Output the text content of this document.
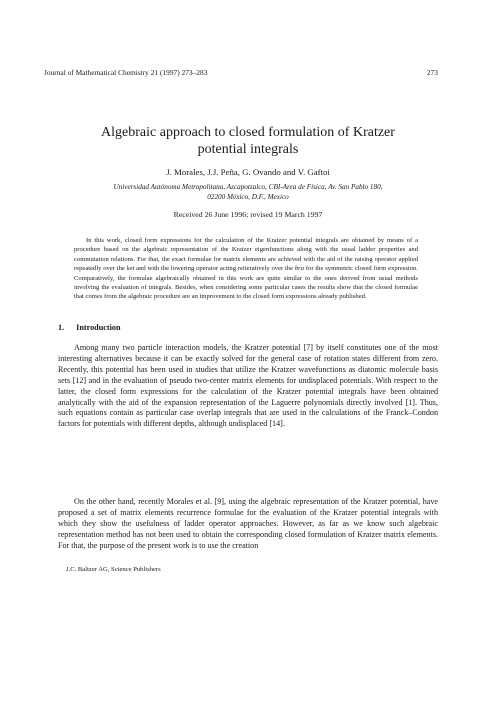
Journal of Mathematical Chemistry 21 (1997) 273–283	273
Algebraic approach to closed formulation of Kratzer
potential integrals
J. Morales, J.J. Peña, G. Ovando and V. Gaftoi
Universidad Autónoma Metropolitana, Azcapotzalco, CBI-Area de Física, Av. San Pablo 180,
02200 México, D.F., Mexico
Received 26 June 1996; revised 19 March 1997

In this work, closed form expressions for the calculation of the Kratzer potential integrals are obtained by means of a procedure based on the algebraic representation of the Kratzer eigenfunctions along with the usual ladder properties and commutation relations. For that, the exact formulae for matrix elements are achieved with the aid of the raising operator applied repeatedly over the ket and with the lowering operator acting reiteratively over the bra for the symmetric closed form expression. Comparatively, the formulae algebraically obtained in this work are quite similar to the ones derived from usual methods involving the evaluation of integrals. Besides, when considering some particular cases the results show that the closed formulae that comes from the algebraic procedure are an improvement to the closed form expressions already published.

1. Introduction

Among many two particle interaction models, the Kratzer potential [7] by itself constitutes one of the most interesting alternatives because it can be exactly solved for the general case of rotation states different from zero. Recently, this potential has been used in studies that utilize the Kratzer wavefunctions as diatomic molecule basis sets [12] and in the evaluation of pseudo two-center matrix elements for undisplaced potentials. With respect to the latter, the closed form expressions for the calculation of the Kratzer potential integrals have been obtained analytically with the aid of the expansion representation of the Laguerre polynomials directly involved [1]. Thus, such equations contain as particular case overlap integrals that are used in the calculations of the Franck–Condon factors for potentials with different depths, although undisplaced [14].

On the other hand, recently Morales et al. [9], using the algebraic representation of the Kratzer potential, have proposed a set of matrix elements recurrence formulae for the evaluation of the Kratzer potential integrals with which they show the usefulness of ladder operator approaches. However, as far as we know such algebraic representation method has not been used to obtain the corresponding closed formulation of Kratzer matrix elements. For that, the purpose of the present work is to use the creation

J.C. Baltzer AG, Science Publishers
